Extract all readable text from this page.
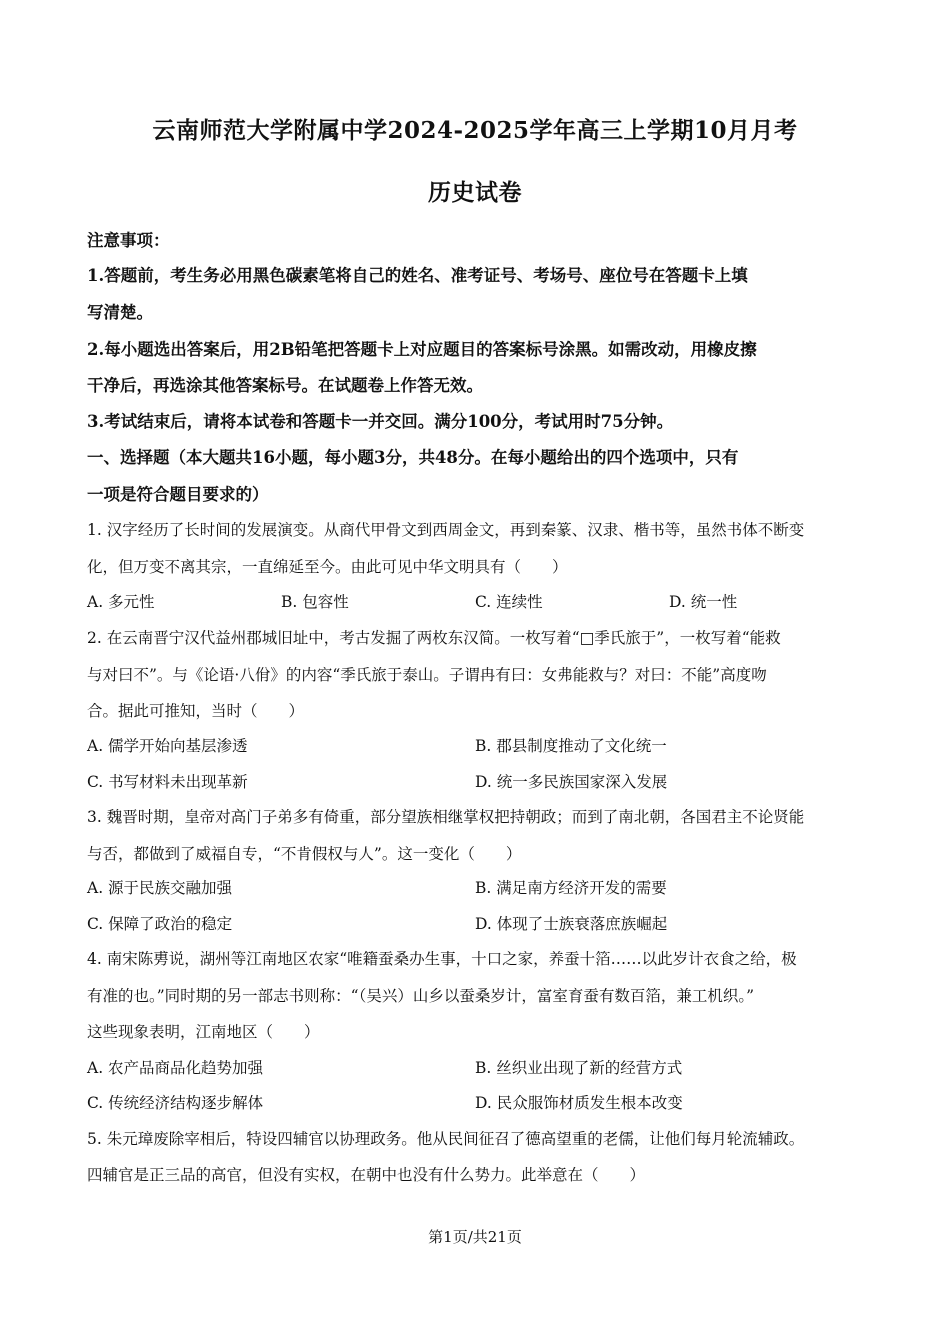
云南师范大学附属中学2024-2025学年高三上学期10月月考
历史试卷
注意事项：
1.答题前，考生务必用黑色碳素笔将自己的姓名、准考证号、考场号、座位号在答题卡上填
写清楚。
2.每小题选出答案后，用2B铅笔把答题卡上对应题目的答案标号涂黑。如需改动，用橡皮擦
干净后，再选涂其他答案标号。在试题卷上作答无效。
3.考试结束后，请将本试卷和答题卡一并交回。满分100分，考试用时75分钟。
一、选择题（本大题共16小题，每小题3分，共48分。在每小题给出的四个选项中，只有
一项是符合题目要求的）
1. 汉字经历了长时间的发展演变。从商代甲骨文到西周金文，再到秦篆、汉隶、楷书等，虽然书体不断变
化，但万变不离其宗，一直绵延至今。由此可见中华文明具有（　　）
A. 多元性	B. 包容性	C. 连续性	D. 统一性
2. 在云南晋宁汉代益州郡城旧址中，考古发掘了两枚东汉简。一枚写着“□季氏旅于”，一枚写着“能救
与对曰不”。与《论语·八佾》的内容“季氏旅于泰山。子谓冉有曰：女弗能救与？对曰：不能”高度吻
合。据此可推知，当时（　　）
A. 儒学开始向基层渗透	B. 郡县制度推动了文化统一
C. 书写材料未出现革新	D. 统一多民族国家深入发展
3. 魏晋时期，皇帝对高门子弟多有倚重，部分望族相继掌权把持朝政；而到了南北朝，各国君主不论贤能
与否，都做到了威福自专，“不肯假权与人”。这一变化（　　）
A. 源于民族交融加强	B. 满足南方经济开发的需要
C. 保障了政治的稳定	D. 体现了士族衰落庶族崛起
4. 南宋陈旉说，湖州等江南地区农家“唯籍蚕桑办生事，十口之家，养蚕十箔……以此岁计衣食之给，极
有准的也。”同时期的另一部志书则称：“（吴兴）山乡以蚕桑岁计，富室育蚕有数百箔，兼工机织。”
这些现象表明，江南地区（　　）
A. 农产品商品化趋势加强	B. 丝织业出现了新的经营方式
C. 传统经济结构逐步解体	D. 民众服饰材质发生根本改变
5. 朱元璋废除宰相后，特设四辅官以协理政务。他从民间征召了德高望重的老儒，让他们每月轮流辅政。
四辅官是正三品的高官，但没有实权，在朝中也没有什么势力。此举意在（　　）
第1页/共21页
